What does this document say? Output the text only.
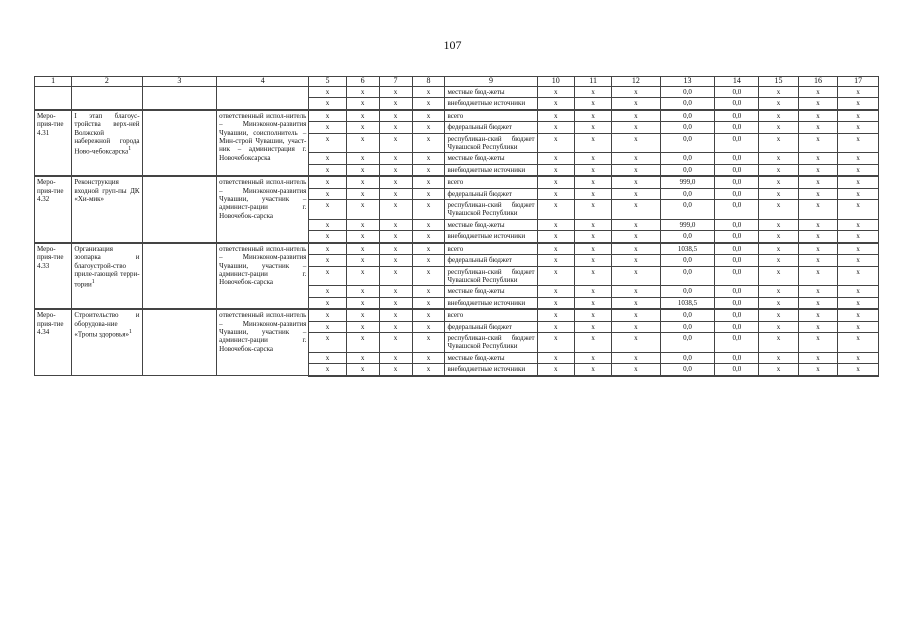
107
1	2	3	4	5	6	7	8	9	10	11	12	13	14	15	16	17
				x	x	x	x	местные бюд-жеты	x	x	x	0,0	0,0	x	x	x
				x	x	x	x	внебюджетные источники	x	x	x	0,0	0,0	x	x	x
Меро-прия-тие 4.31	I этап благоус-тройства верх-ней Волжской набережной города Ново-чебоксарска$^1$		ответственный испол-нитель – Минэконом-развития Чувашии, соисполнитель – Мин-строй Чувашии, участ-ник – администрация г. Новочебоксарска	x	x	x	x	всего	x	x	x	0,0	0,0	x	x	x
				x	x	x	x	федеральный бюджет	x	x	x	0,0	0,0	x	x	x
				x	x	x	x	республикан-ский бюджет Чувашской Республики	x	x	x	0,0	0,0	x	x	x
				x	x	x	x	местные бюд-жеты	x	x	x	0,0	0,0	x	x	x
				x	x	x	x	внебюджетные источники	x	x	x	0,0	0,0	x	x	x
Меро-прия-тие 4.32	Реконструкция входной груп-пы ДК «Хи-мик»		ответственный испол-нитель – Минэконом-развития Чувашии, участник – админист-рации г. Новочебок-сарска	x	x	x	x	всего	x	x	x	999,0	0,0	x	x	x
				x	x	x	x	федеральный бюджет	x	x	x	0,0	0,0	x	x	x
				x	x	x	x	республикан-ский бюджет Чувашской Республики	x	x	x	0,0	0,0	x	x	x
				x	x	x	x	местные бюд-жеты	x	x	x	999,0	0,0	x	x	x
				x	x	x	x	внебюджетные источники	x	x	x	0,0	0,0	x	x	x
Меро-прия-тие 4.33	Организация зоопарка и благоустрой-ство приле-гающей терри-тории$^1$		ответственный испол-нитель – Минэконом-развития Чувашии, участник – админист-рации г. Новочебок-сарска	x	x	x	x	всего	x	x	x	1038,5	0,0	x	x	x
				x	x	x	x	федеральный бюджет	x	x	x	0,0	0,0	x	x	x
				x	x	x	x	республикан-ский бюджет Чувашской Республики	x	x	x	0,0	0,0	x	x	x
				x	x	x	x	местные бюд-жеты	x	x	x	0,0	0,0	x	x	x
				x	x	x	x	внебюджетные источники	x	x	x	1038,5	0,0	x	x	x
Меро-прия-тие 4.34	Строительство и оборудова-ние «Тропы здоровья»$^1$		ответственный испол-нитель – Минэконом-развития Чувашии, участник – админист-рации г. Новочебок-сарска	x	x	x	x	всего	x	x	x	0,0	0,0	x	x	x
				x	x	x	x	федеральный бюджет	x	x	x	0,0	0,0	x	x	x
				x	x	x	x	республикан-ский бюджет Чувашской Республики	x	x	x	0,0	0,0	x	x	x
				x	x	x	x	местные бюд-жеты	x	x	x	0,0	0,0	x	x	x
				x	x	x	x	внебюджетные источники	x	x	x	0,0	0,0	x	x	x
